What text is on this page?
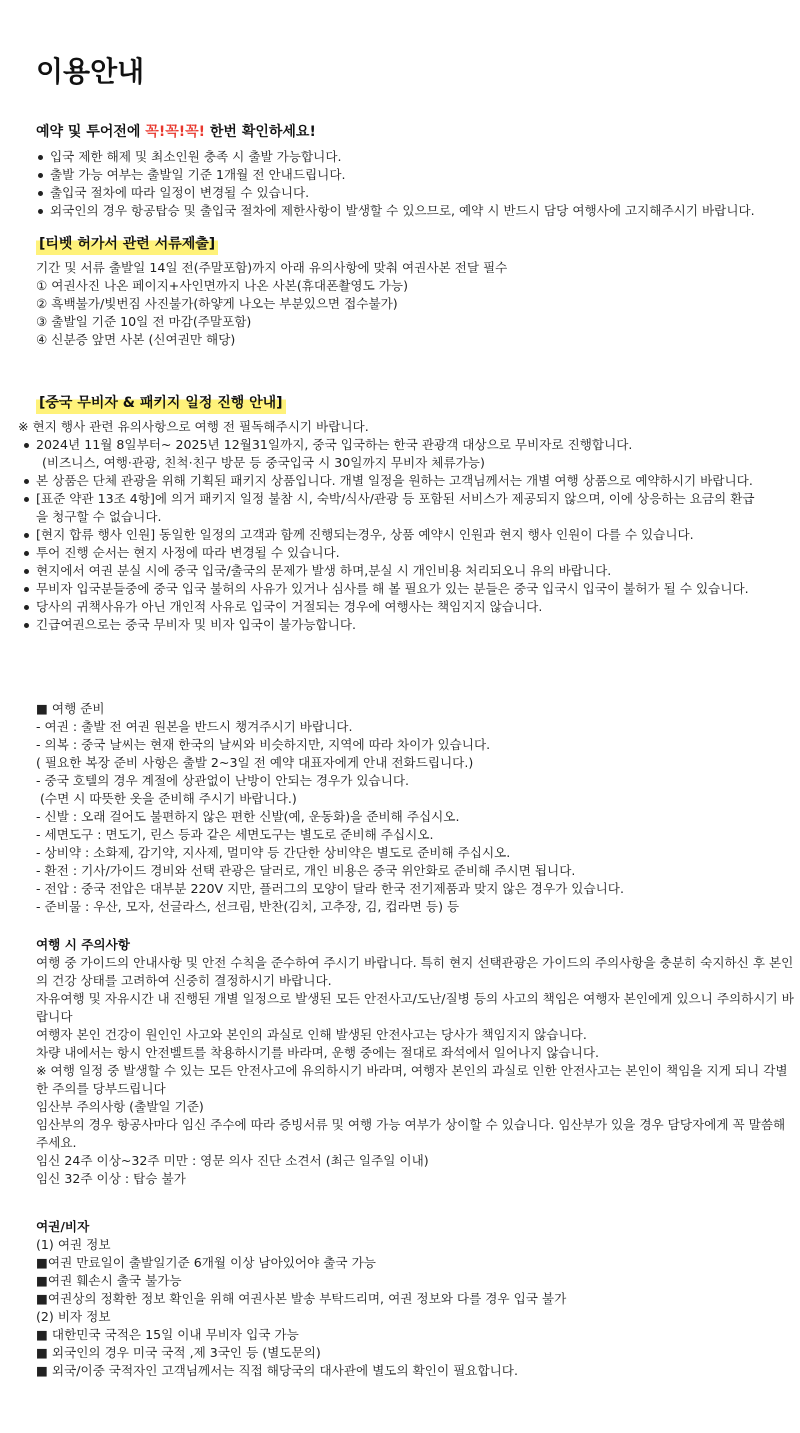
이용안내
예약 및 투어전에 꼭!꼭!꼭! 한번 확인하세요!
입국 제한 해제 및 최소인원 충족 시 출발 가능합니다.
출발 가능 여부는 출발일 기준 1개월 전 안내드립니다.
출입국 절차에 따라 일정이 변경될 수 있습니다.
외국인의 경우 항공탑승 및 출입국 절차에 제한사항이 발생할 수 있으므로, 예약 시 반드시 담당 여행사에 고지해주시기 바랍니다.
[티벳 허가서 관련 서류제출]
기간 및 서류 출발일 14일 전(주말포함)까지 아래 유의사항에 맞춰 여권사본 전달 필수
① 여권사진 나온 페이지+사인면까지 나온 사본(휴대폰촬영도 가능)
② 흑백불가/빛번짐 사진불가(하얗게 나오는 부분있으면 접수불가)
③ 출발일 기준 10일 전 마감(주말포함)
④ 신분증 앞면 사본 (신여권만 해당)
[중국 무비자 & 패키지 일정 진행 안내]
※ 현지 행사 관련 유의사항으로 여행 전 필독해주시기 바랍니다.
2024년 11월 8일부터~ 2025년 12월31일까지, 중국 입국하는 한국 관광객 대상으로 무비자로 진행합니다.
(비즈니스, 여행·관광, 친척·친구 방문 등 중국입국 시 30일까지 무비자 체류가능)
본 상품은 단체 관광을 위해 기획된 패키지 상품입니다. 개별 일정을 원하는 고객님께서는 개별 여행 상품으로 예약하시기 바랍니다.
[표준 약관 13조 4항]에 의거 패키지 일정 불참 시, 숙박/식사/관광 등 포함된 서비스가 제공되지 않으며, 이에 상응하는 요금의 환급
을 청구할 수 없습니다.
[현지 합류 행사 인원] 동일한 일정의 고객과 함께 진행되는경우, 상품 예약시 인원과 현지 행사 인원이 다를 수 있습니다.
투어 진행 순서는 현지 사정에 따라 변경될 수 있습니다.
현지에서 여권 분실 시에 중국 입국/출국의 문제가 발생 하며,분실 시 개인비용 처리되오니 유의 바랍니다.
무비자 입국분들중에 중국 입국 불허의 사유가 있거나 심사를 해 볼 필요가 있는 분들은 중국 입국시 입국이 불허가 될 수 있습니다.
당사의 귀책사유가 아닌 개인적 사유로 입국이 거절되는 경우에 여행사는 책임지지 않습니다.
긴급여권으로는 중국 무비자 및 비자 입국이 불가능합니다.
■ 여행 준비
- 여권 : 출발 전 여권 원본을 반드시 챙겨주시기 바랍니다.
- 의복 : 중국 날씨는 현재 한국의 날씨와 비슷하지만, 지역에 따라 차이가 있습니다.
( 필요한 복장 준비 사항은 출발 2~3일 전 예약 대표자에게 안내 전화드립니다.)
- 중국 호텔의 경우 계절에 상관없이 난방이 안되는 경우가 있습니다.
(수면 시 따뜻한 옷을 준비해 주시기 바랍니다.)
- 신발 : 오래 걸어도 불편하지 않은 편한 신발(예, 운동화)을 준비해 주십시오.
- 세면도구 : 면도기, 린스 등과 같은 세면도구는 별도로 준비해 주십시오.
- 상비약 : 소화제, 감기약, 지사제, 멀미약 등 간단한 상비약은 별도로 준비해 주십시오.
- 환전 : 기사/가이드 경비와 선택 관광은 달러로, 개인 비용은 중국 위안화로 준비해 주시면 됩니다.
- 전압 : 중국 전압은 대부분 220V 지만, 플러그의 모양이 달라 한국 전기제품과 맞지 않은 경우가 있습니다.
- 준비물 : 우산, 모자, 선글라스, 선크림, 반찬(김치, 고추장, 김, 컵라면 등) 등
여행 시 주의사항
여행 중 가이드의 안내사항 및 안전 수칙을 준수하여 주시기 바랍니다. 특히 현지 선택관광은 가이드의 주의사항을 충분히 숙지하신 후 본인의 건강 상태를 고려하여 신중히 결정하시기 바랍니다.
자유여행 및 자유시간 내 진행된 개별 일정으로 발생된 모든 안전사고/도난/질병 등의 사고의 책임은 여행자 본인에게 있으니 주의하시기 바랍니다
여행자 본인 건강이 원인인 사고와 본인의 과실로 인해 발생된 안전사고는 당사가 책임지지 않습니다.
차량 내에서는 항시 안전벨트를 착용하시기를 바라며, 운행 중에는 절대로 좌석에서 일어나지 않습니다.
※ 여행 일정 중 발생할 수 있는 모든 안전사고에 유의하시기 바라며, 여행자 본인의 과실로 인한 안전사고는 본인이 책임을 지게 되니 각별한 주의를 당부드립니다
임산부 주의사항 (출발일 기준)
임산부의 경우 항공사마다 임신 주수에 따라 증빙서류 및 여행 가능 여부가 상이할 수 있습니다. 임산부가 있을 경우 담당자에게 꼭 말씀해주세요.
임신 24주 이상~32주 미만 : 영문 의사 진단 소견서 (최근 일주일 이내)
임신 32주 이상 : 탑승 불가
여권/비자
(1) 여권 정보
■여권 만료일이 출발일기준 6개월 이상 남아있어야 출국 가능
■여권 훼손시 출국 불가능
■여권상의 정확한 정보 확인을 위해 여권사본 발송 부탁드리며, 여권 정보와 다를 경우 입국 불가
(2) 비자 정보
■ 대한민국 국적은 15일 이내 무비자 입국 가능
■ 외국인의 경우 미국 국적 ,제 3국인 등 (별도문의)
■ 외국/이중 국적자인 고객님께서는 직접 해당국의 대사관에 별도의 확인이 필요합니다.
